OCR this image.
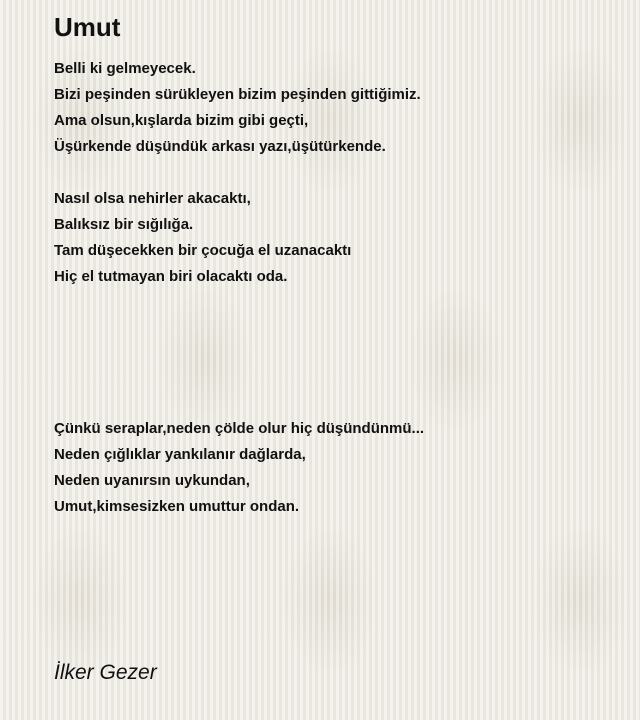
Umut
Belli ki gelmeyecek.
Bizi peşinden sürükleyen bizim peşinden gittiğimiz.
Ama olsun,kışlarda bizim gibi geçti,
Üşürkende düşündük arkası yazı,üşütürkende.
Nasıl olsa nehirler akacaktı,
Balıksız bir sığılığa.
Tam düşecekken bir çocuğa el uzanacaktı
Hiç el tutmayan biri olacaktı oda.
Çünkü seraplar,neden çölde olur hiç düşündünmü...
Neden çığlıklar yankılanır dağlarda,
Neden uyanırsın uykundan,
Umut,kimsesizken umuttur ondan.
İlker Gezer
